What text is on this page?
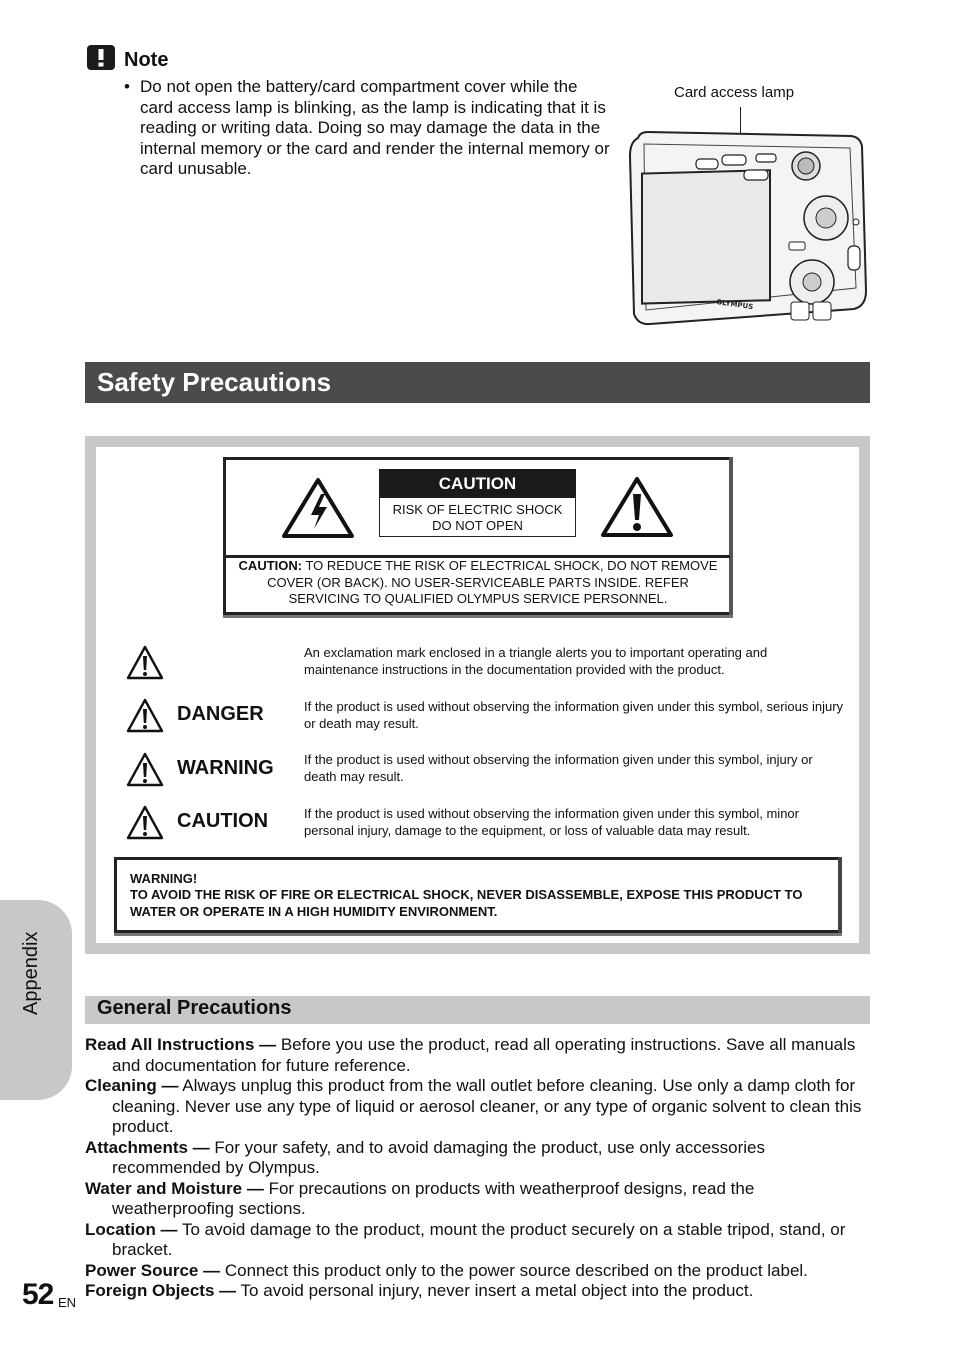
Note
• Do not open the battery/card compartment cover while the card access lamp is blinking, as the lamp is indicating that it is reading or writing data. Doing so may damage the data in the internal memory or the card and render the internal memory or card unusable.
Card access lamp
OLYMPUS
Safety Precautions
CAUTION
RISK OF ELECTRIC SHOCK
DO NOT OPEN
CAUTION: TO REDUCE THE RISK OF ELECTRICAL SHOCK, DO NOT REMOVE COVER (OR BACK). NO USER-SERVICEABLE PARTS INSIDE. REFER SERVICING TO QUALIFIED OLYMPUS SERVICE PERSONNEL.
An exclamation mark enclosed in a triangle alerts you to important operating and maintenance instructions in the documentation provided with the product.
DANGER	If the product is used without observing the information given under this symbol, serious injury or death may result.
WARNING If the product is used without observing the information given under this symbol, injury or death may result.
CAUTION	If the product is used without observing the information given under this symbol, minor personal injury, damage to the equipment, or loss of valuable data may result.
WARNING!
TO AVOID THE RISK OF FIRE OR ELECTRICAL SHOCK, NEVER DISASSEMBLE, EXPOSE THIS PRODUCT TO WATER OR OPERATE IN A HIGH HUMIDITY ENVIRONMENT.
Appendix	General Precautions

Read All Instructions — Before you use the product, read all operating instructions. Save all manuals and documentation for future reference.

Cleaning — Always unplug this product from the wall outlet before cleaning. Use only a damp cloth for cleaning. Never use any type of liquid or aerosol cleaner, or any type of organic solvent to clean this product.

Attachments — For your safety, and to avoid damaging the product, use only accessories recommended by Olympus.

Water and Moisture — For precautions on products with weatherproof designs, read the weatherproofing sections.

Location — To avoid damage to the product, mount the product securely on a stable tripod, stand, or bracket.

Power Source — Connect this product only to the power source described on the product label.

Foreign Objects — To avoid personal injury, never insert a metal object into the product.

52 EN
